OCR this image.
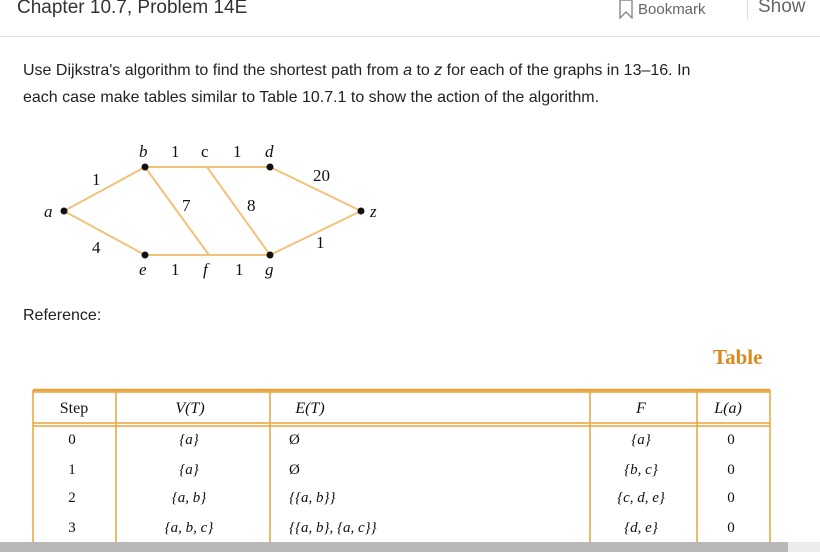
Chapter 10.7, Problem 14E	Bookmark	Show
Use Dijkstra's algorithm to find the shortest path from a to z for each of the graphs in 13–16. In
each case make tables similar to Table 10.7.1 to show the action of the algorithm.
a
b	c	d
e	f	g
z
1
1	1
4
1	1
7	8
20
1
Reference:
Table
Step	V(T)	E(T)	F	L(a)
0	{a}	Ø	{a}	0
1	{a}	Ø	{b, c}	0
2	{a, b}	{{a, b}}	{c, d, e}	0
3	{a, b, c}	{{a, b}, {a, c}}	{d, e}	0
